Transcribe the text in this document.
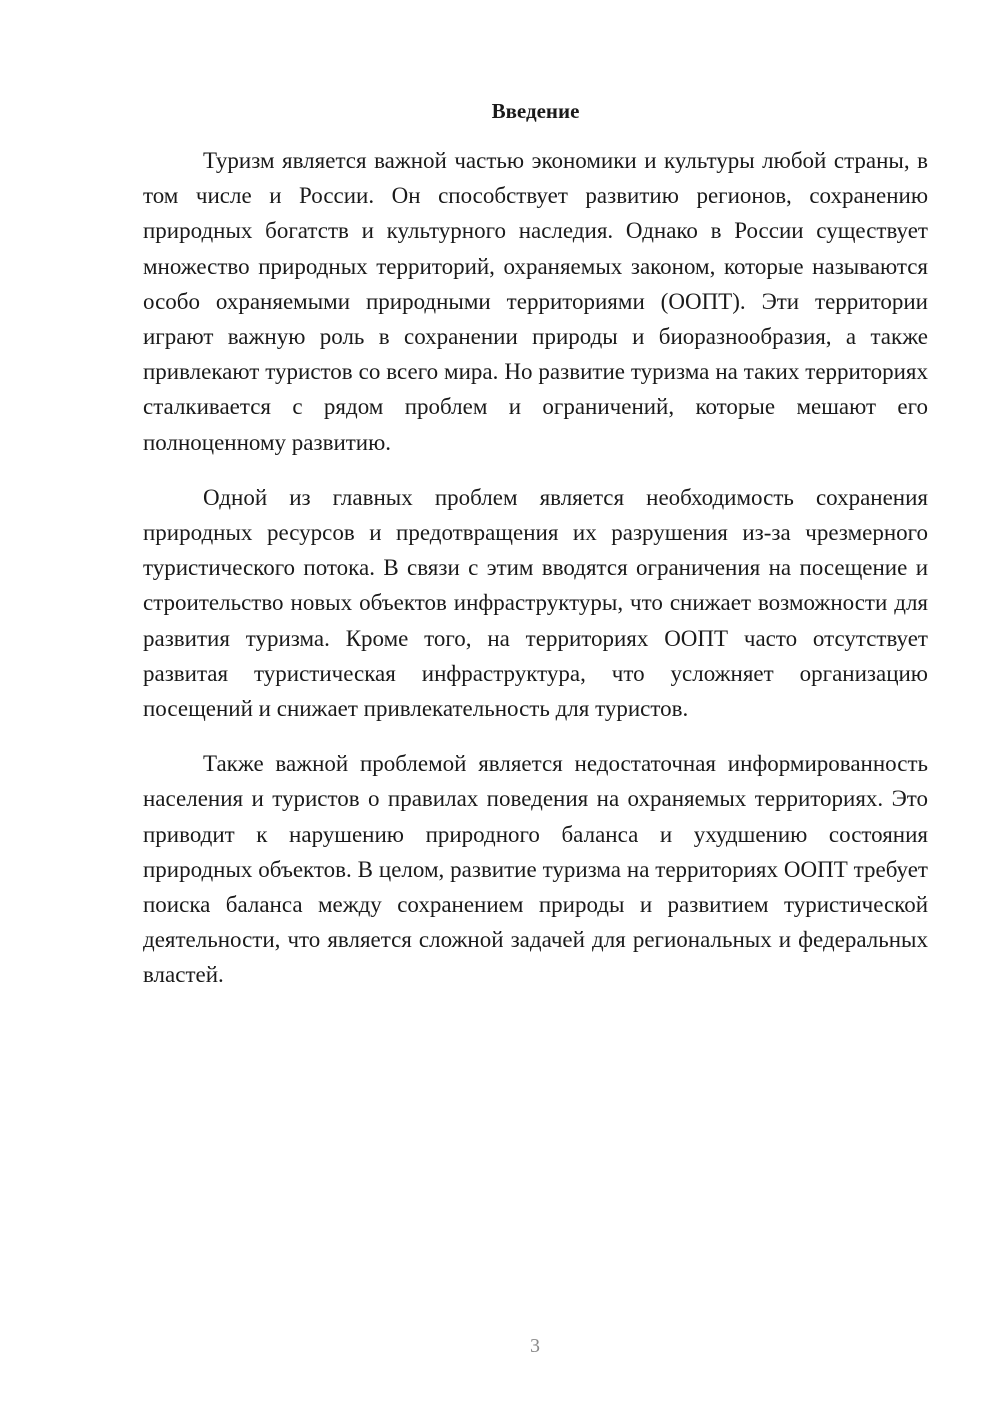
Введение

Туризм является важной частью экономики и культуры любой страны, в том числе и России. Он способствует развитию регионов, сохранению природных богатств и культурного наследия. Однако в России существует множество природных территорий, охраняемых законом, которые называются особо охраняемыми природными территориями (ООПТ). Эти территории играют важную роль в сохранении природы и биоразнообразия, а также привлекают туристов со всего мира. Но развитие туризма на таких территориях сталкивается с рядом проблем и ограничений, которые мешают его полноценному развитию.

Одной из главных проблем является необходимость сохранения природных ресурсов и предотвращения их разрушения из-за чрезмерного туристического потока. В связи с этим вводятся ограничения на посещение и строительство новых объектов инфраструктуры, что снижает возможности для развития туризма. Кроме того, на территориях ООПТ часто отсутствует развитая туристическая инфраструктура, что усложняет организацию посещений и снижает привлекательность для туристов.

Также важной проблемой является недостаточная информированность населения и туристов о правилах поведения на охраняемых территориях. Это приводит к нарушению природного баланса и ухудшению состояния природных объектов. В целом, развитие туризма на территориях ООПТ требует поиска баланса между сохранением природы и развитием туристической деятельности, что является сложной задачей для региональных и федеральных властей.

3
